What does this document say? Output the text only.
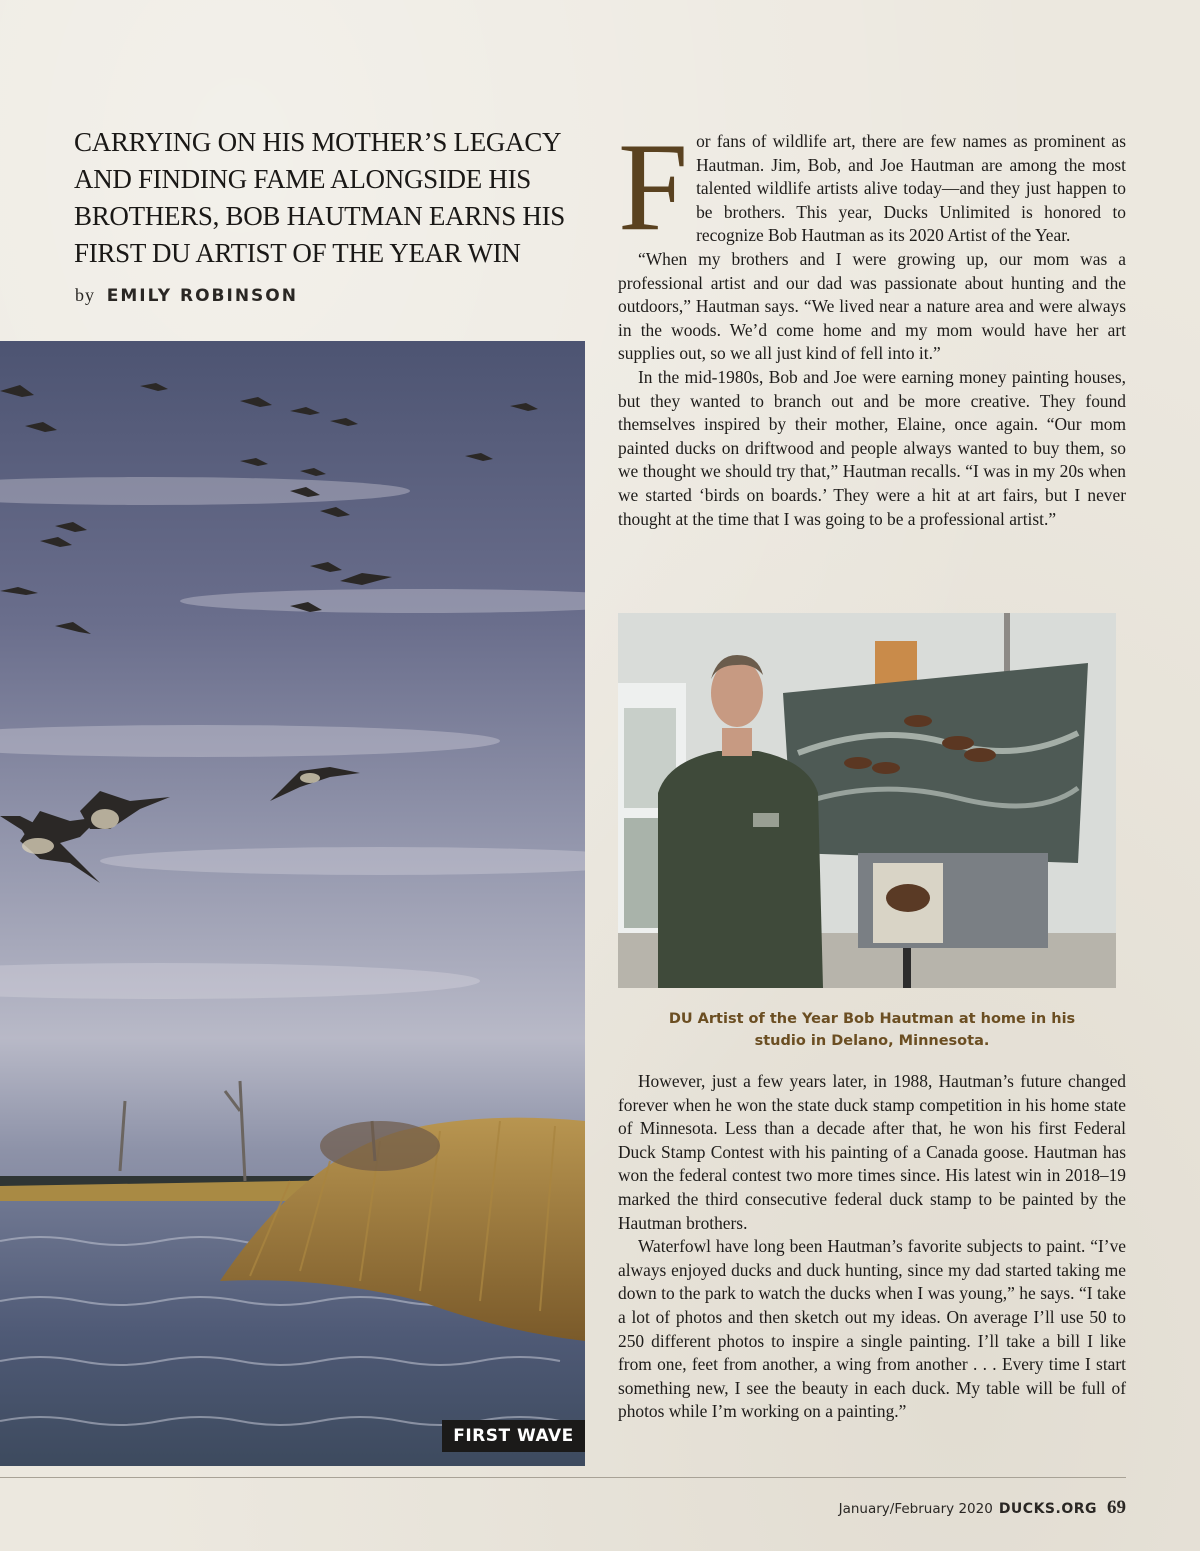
CARRYING ON HIS MOTHER’S LEGACY AND FINDING FAME ALONGSIDE HIS BROTHERS, BOB HAUTMAN EARNS HIS FIRST DU ARTIST OF THE YEAR WIN
by EMILY ROBINSON
FIRST WAVE

For fans of wildlife art, there are few names as prominent as Hautman. Jim, Bob, and Joe Hautman are among the most talented wildlife artists alive today—and they just happen to be brothers. This year, Ducks Unlimited is honored to recognize Bob Hautman as its 2020 Artist of the Year.

“When my brothers and I were growing up, our mom was a professional artist and our dad was passionate about hunting and the outdoors,” Hautman says. “We lived near a nature area and were always in the woods. We’d come home and my mom would have her art supplies out, so we all just kind of fell into it.”

In the mid-1980s, Bob and Joe were earning money painting houses, but they wanted to branch out and be more creative. They found themselves inspired by their mother, Elaine, once again. “Our mom painted ducks on driftwood and people always wanted to buy them, so we thought we should try that,” Hautman recalls. “I was in my 20s when we started ‘birds on boards.’ They were a hit at art fairs, but I never thought at the time that I was going to be a professional artist.”

DU Artist of the Year Bob Hautman at home in his
studio in Delano, Minnesota.

However, just a few years later, in 1988, Hautman’s future changed forever when he won the state duck stamp competition in his home state of Minnesota. Less than a decade after that, he won his first Federal Duck Stamp Contest with his painting of a Canada goose. Hautman has won the federal contest two more times since. His latest win in 2018–19 marked the third consecutive federal duck stamp to be painted by the Hautman brothers.

Waterfowl have long been Hautman’s favorite subjects to paint. “I’ve always enjoyed ducks and duck hunting, since my dad started taking me down to the park to watch the ducks when I was young,” he says. “I take a lot of photos and then sketch out my ideas. On average I’ll use 50 to 250 different photos to inspire a single painting. I’ll take a bill I like from one, feet from another, a wing from another . . . Every time I start something new, I see the beauty in each duck. My table will be full of photos while I’m working on a painting.”

January/February 2020 DUCKS.ORG 69
